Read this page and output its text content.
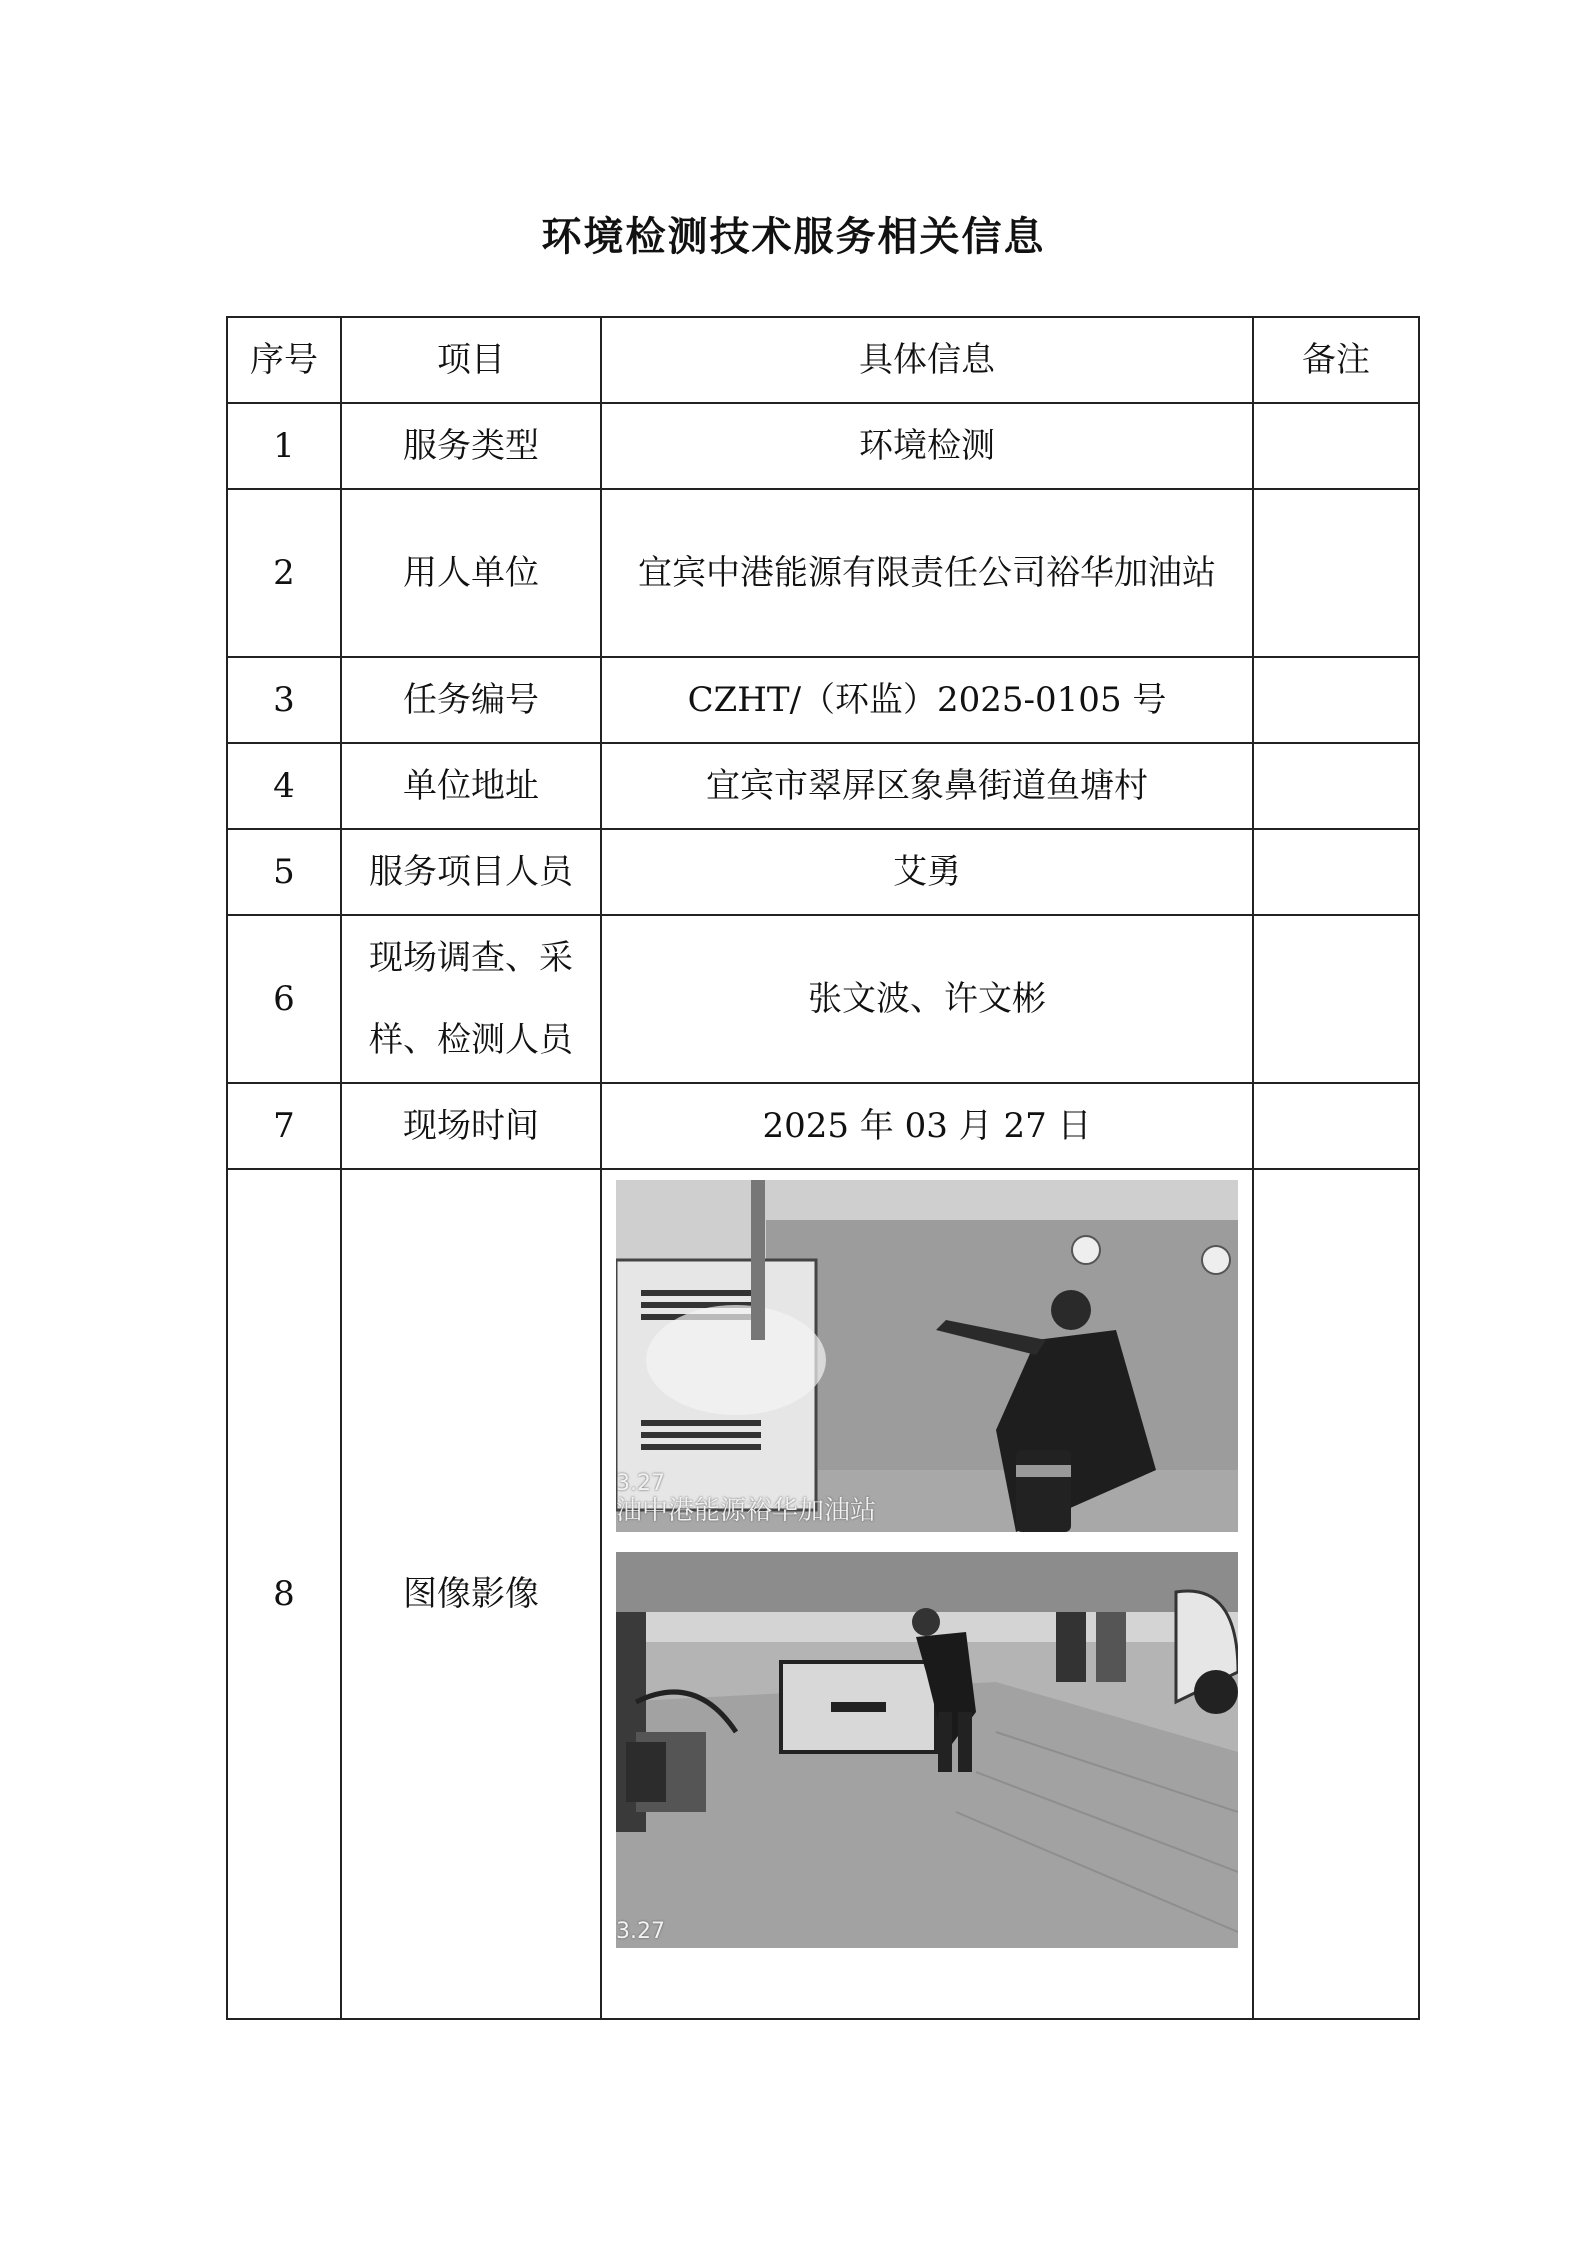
环境检测技术服务相关信息
序号	项目	具体信息	备注
1	服务类型	环境检测	
2	用人单位	宜宾中港能源有限责任公司裕华加油站	
3	任务编号	CZHT/（环监）2025-0105 号	
4	单位地址	宜宾市翠屏区象鼻街道鱼塘村	
5	服务项目人员	艾勇	
6	现场调查、采样、检测人员	张文波、许文彬	
7	现场时间	2025 年 03 月 27 日	
8	图像影像	3.27
油中港能源裕华加油站
3.27	
